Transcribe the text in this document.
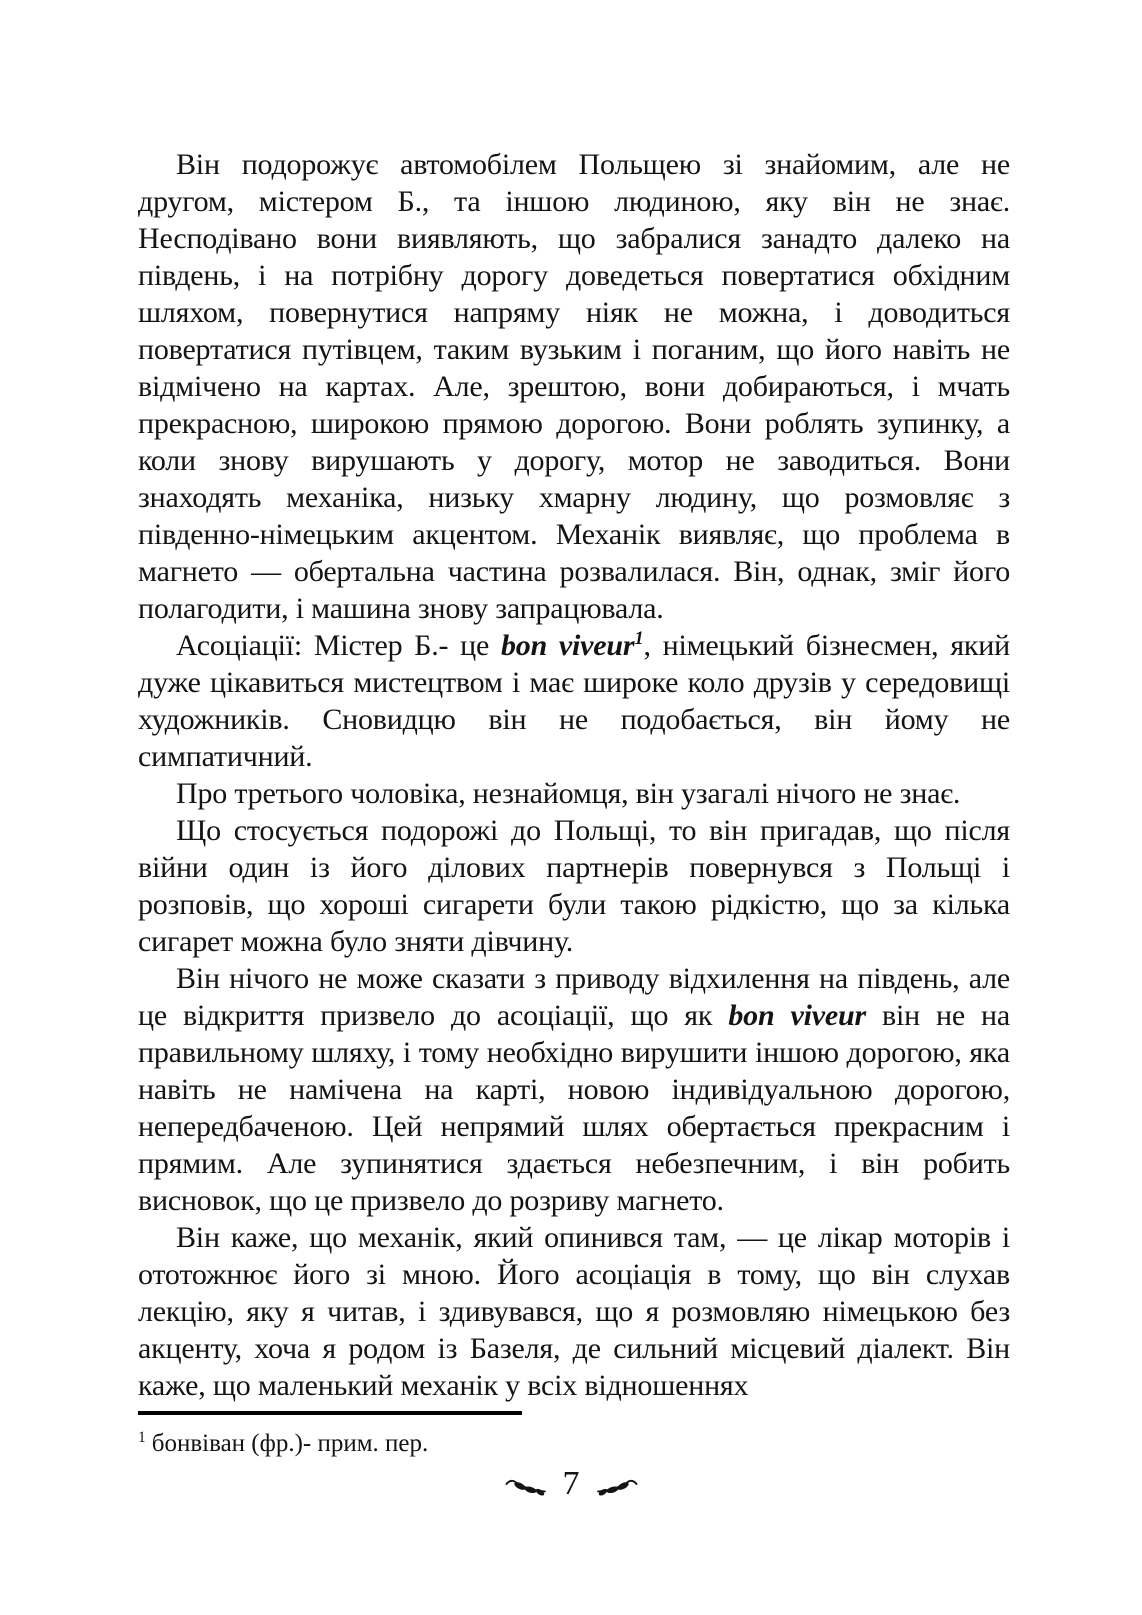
Він подорожує автомобілем Польщею зі знайомим, але не другом, містером Б., та іншою людиною, яку він не знає. Несподівано вони виявляють, що забралися занадто далеко на південь, і на потрібну дорогу доведеться повертатися обхідним шляхом, повернутися напряму ніяк не можна, і доводиться повертатися путівцем, таким вузьким і поганим, що його навіть не відмічено на картах. Але, зрештою, вони добираються, і мчать прекрасною, широкою прямою дорогою. Вони роблять зупинку, а коли знову вирушають у дорогу, мотор не заводиться. Вони знаходять механіка, низьку хмарну людину, що розмовляє з південно-німецьким акцентом. Механік виявляє, що проблема в магнето — обертальна частина розвалилася. Він, однак, зміг його полагодити, і машина знову запрацювала.

Асоціації: Містер Б.- це bon viveur$^1$, німецький бізнесмен, який дуже цікавиться мистецтвом і має широке коло друзів у середовищі художників. Сновидцю він не подобається, він йому не симпатичний.

Про третього чоловіка, незнайомця, він узагалі нічого не знає.

Що стосується подорожі до Польщі, то він пригадав, що після війни один із його ділових партнерів повернувся з Польщі і розповів, що хороші сигарети були такою рідкістю, що за кілька сигарет можна було зняти дівчину.

Він нічого не може сказати з приводу відхилення на південь, але це відкриття призвело до асоціації, що як bon viveur він не на правильному шляху, і тому необхідно вирушити іншою дорогою, яка навіть не намічена на карті, новою індивідуальною дорогою, непередбаченою. Цей непрямий шлях обертається прекрасним і прямим. Але зупинятися здається небезпечним, і він робить висновок, що це призвело до розриву магнето.

Він каже, що механік, який опинився там, — це лікар моторів і ототожнює його зі мною. Його асоціація в тому, що він слухав лекцію, яку я читав, і здивувався, що я розмовляю німецькою без акценту, хоча я родом із Базеля, де сильний місцевий діалект. Він каже, що маленький механік у всіх відношеннях

$^1$ бонвіван (фр.)- прим. пер.
7
